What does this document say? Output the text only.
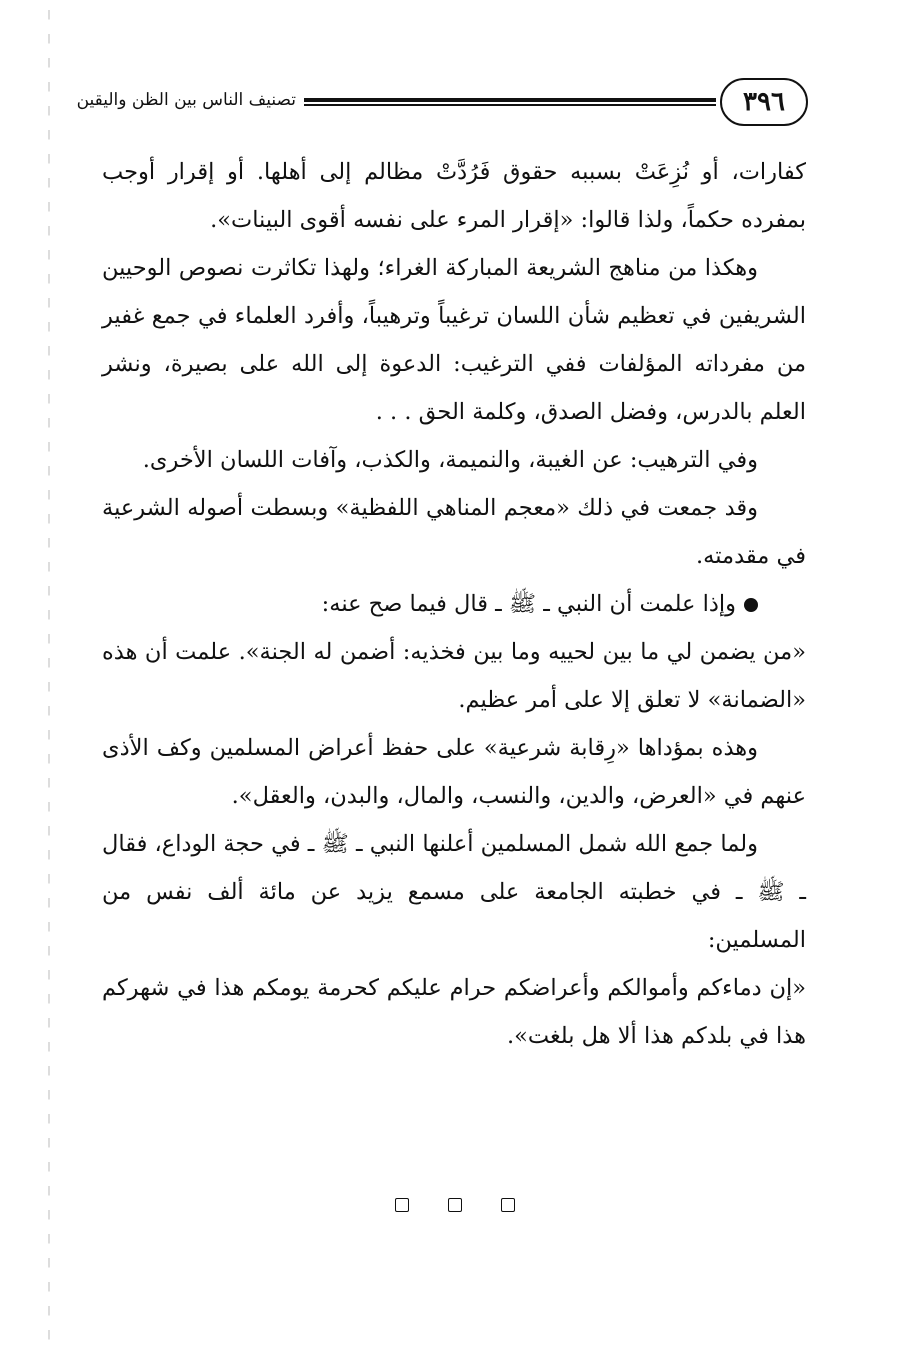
٣٩٦
تصنيف الناس بين الظن واليقين

كفارات، أو نُزِعَتْ بسببه حقوق فَرُدَّتْ مظالم إلى أهلها. أو إقرار أوجب بمفرده حكماً، ولذا قالوا: «إقرار المرء على نفسه أقوى البينات».

وهكذا من مناهج الشريعة المباركة الغراء؛ ولهذا تكاثرت نصوص الوحيين الشريفين في تعظيم شأن اللسان ترغيباً وترهيباً، وأفرد العلماء في جمع غفير من مفرداته المؤلفات ففي الترغيب: الدعوة إلى الله على بصيرة، ونشر العلم بالدرس، وفضل الصدق، وكلمة الحق . . .

وفي الترهيب: عن الغيبة، والنميمة، والكذب، وآفات اللسان الأخرى.

وقد جمعت في ذلك «معجم المناهي اللفظية» وبسطت أصوله الشرعية في مقدمته.

وإذا علمت أن النبي ـ ﷺ ـ قال فيما صح عنه:

«من يضمن لي ما بين لحييه وما بين فخذيه: أضمن له الجنة». علمت أن هذه «الضمانة» لا تعلق إلا على أمر عظيم.

وهذه بمؤداها «رِقابة شرعية» على حفظ أعراض المسلمين وكف الأذى عنهم في «العرض، والدين، والنسب، والمال، والبدن، والعقل».

ولما جمع الله شمل المسلمين أعلنها النبي ـ ﷺ ـ في حجة الوداع، فقال ـ ﷺ ـ في خطبته الجامعة على مسمع يزيد عن مائة ألف نفس من المسلمين:

«إن دماءكم وأموالكم وأعراضكم حرام عليكم كحرمة يومكم هذا في شهركم هذا في بلدكم هذا ألا هل بلغت».
